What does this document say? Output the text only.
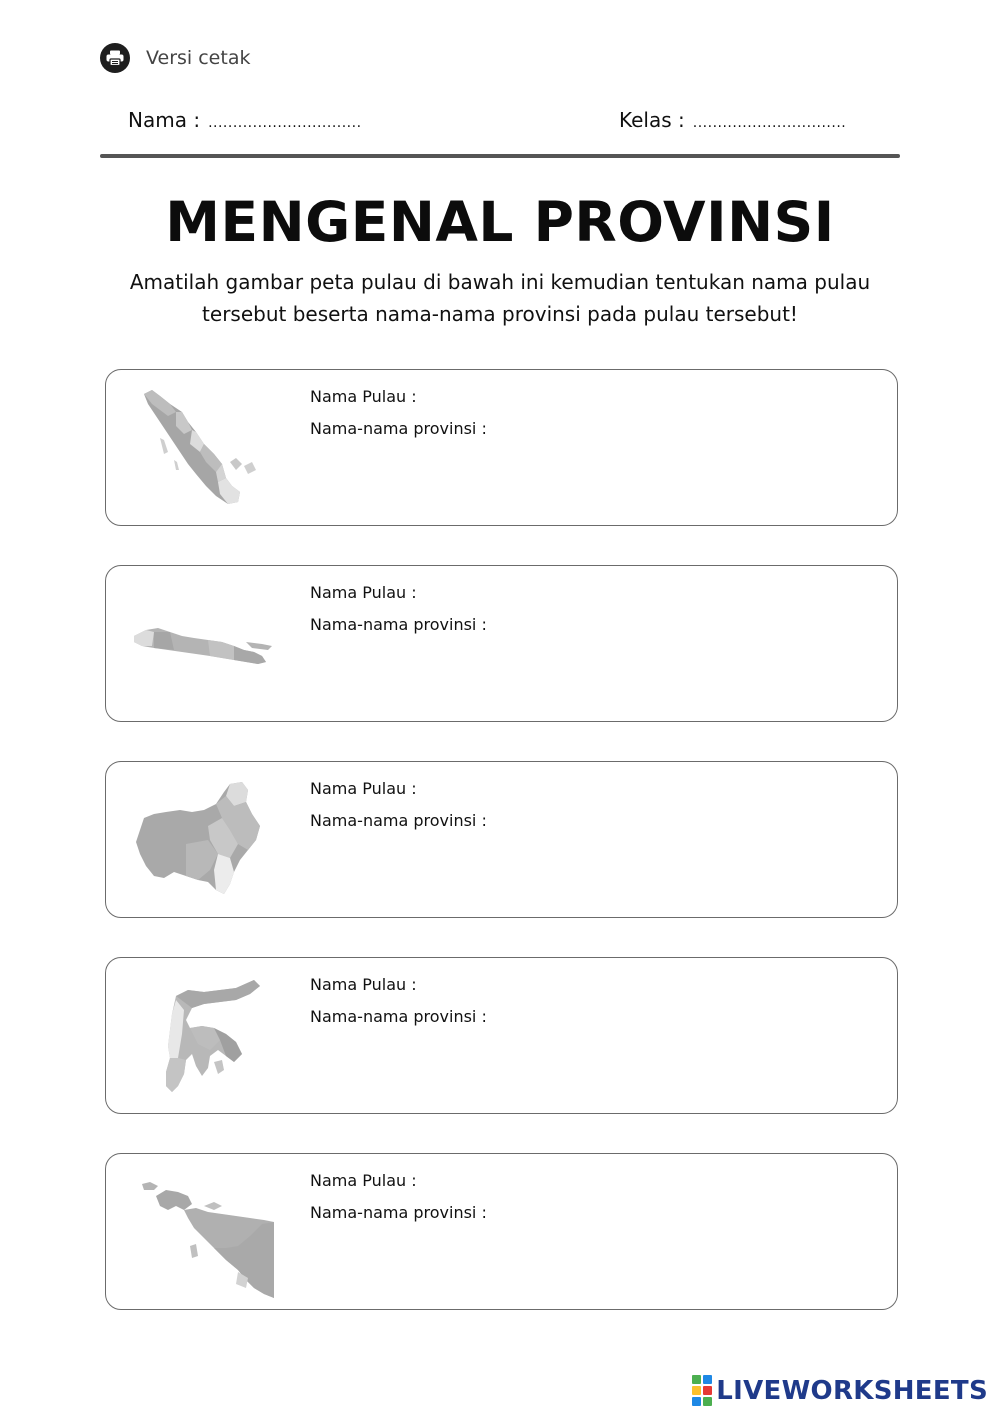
Versi cetak
Nama : ...............................	Kelas : ...............................
MENGENAL PROVINSI
Amatilah gambar peta pulau di bawah ini kemudian tentukan nama pulau
tersebut beserta nama-nama provinsi pada pulau tersebut!
Nama Pulau :
Nama-nama provinsi :
Nama Pulau :
Nama-nama provinsi :
Nama Pulau :
Nama-nama provinsi :
Nama Pulau :
Nama-nama provinsi :
Nama Pulau :
Nama-nama provinsi :
LIVEWORKSHEETS
